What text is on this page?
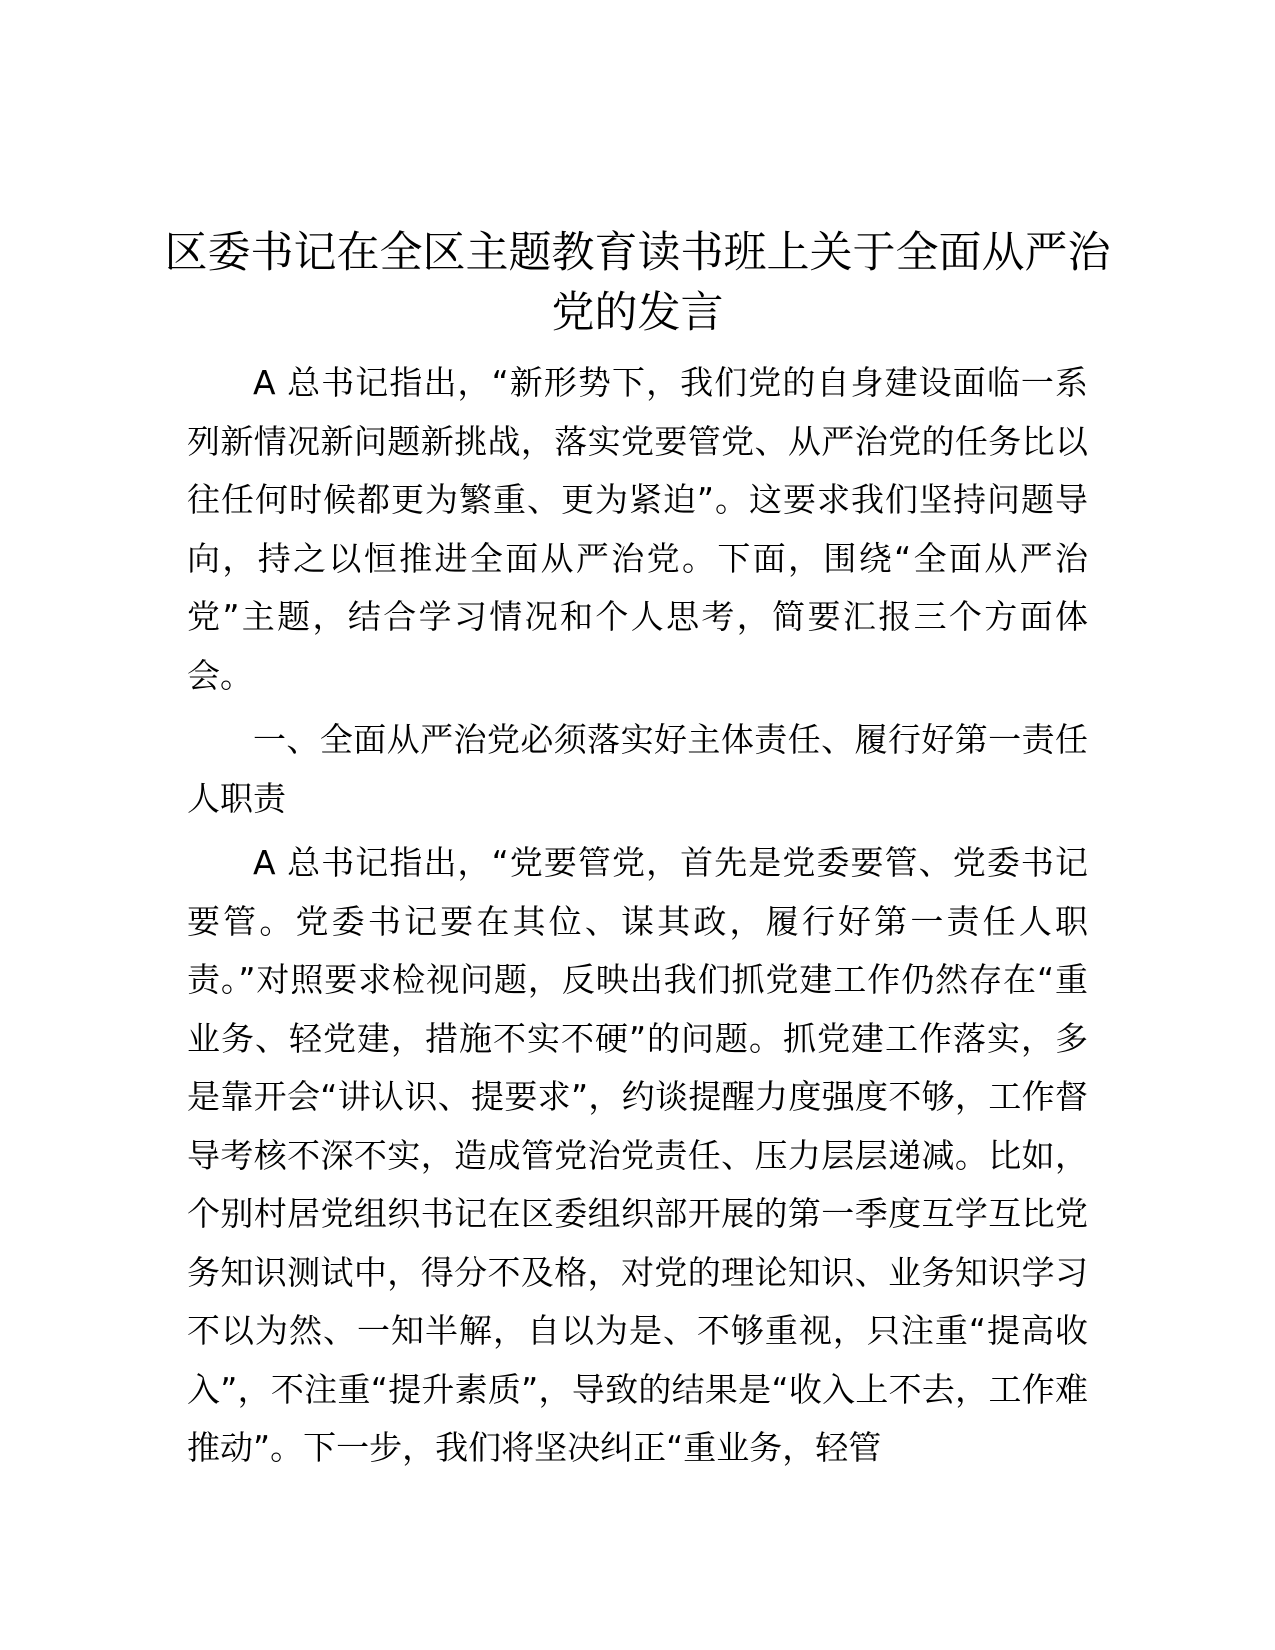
区委书记在全区主题教育读书班上关于全面从严治党的发言

A 总书记指出，“新形势下，我们党的自身建设面临一系列新情况新问题新挑战，落实党要管党、从严治党的任务比以往任何时候都更为繁重、更为紧迫”。这要求我们坚持问题导向，持之以恒推进全面从严治党。下面，围绕“全面从严治党”主题，结合学习情况和个人思考，简要汇报三个方面体会。

一、全面从严治党必须落实好主体责任、履行好第一责任人职责

A 总书记指出，“党要管党，首先是党委要管、党委书记要管。党委书记要在其位、谋其政，履行好第一责任人职责。”对照要求检视问题，反映出我们抓党建工作仍然存在“重业务、轻党建，措施不实不硬”的问题。抓党建工作落实，多是靠开会“讲认识、提要求”，约谈提醒力度强度不够，工作督导考核不深不实，造成管党治党责任、压力层层递减。比如，个别村居党组织书记在区委组织部开展的第一季度互学互比党务知识测试中，得分不及格，对党的理论知识、业务知识学习不以为然、一知半解，自以为是、不够重视，只注重“提高收入”，不注重“提升素质”，导致的结果是“收入上不去，工作难推动”。下一步，我们将坚决纠正“重业务，轻管
